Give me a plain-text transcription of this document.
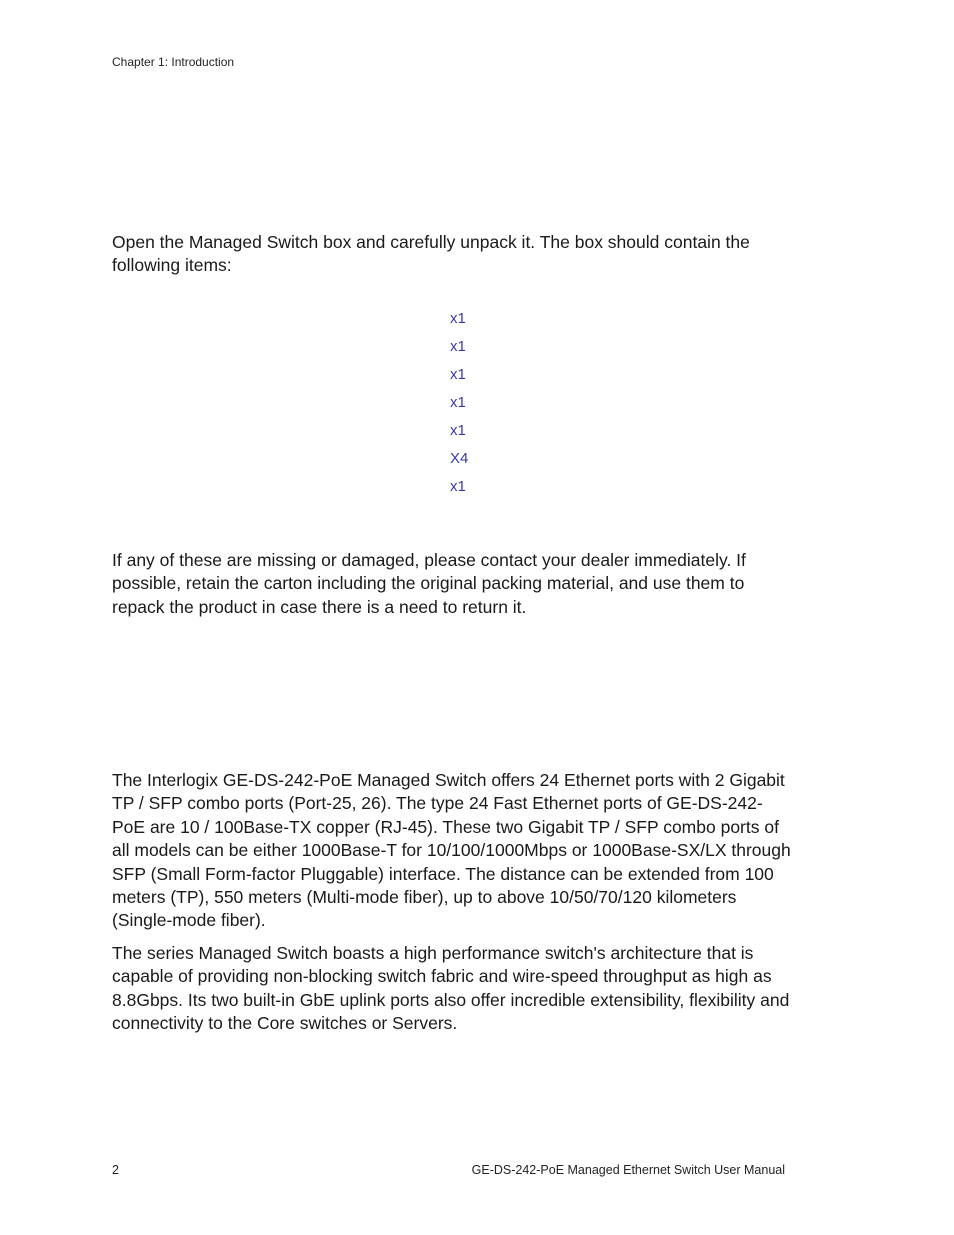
Chapter 1: Introduction

Open the Managed Switch box and carefully unpack it. The box should contain the following items:

x1
x1
x1
x1
x1
X4
x1

If any of these are missing or damaged, please contact your dealer immediately. If possible, retain the carton including the original packing material, and use them to repack the product in case there is a need to return it.

The Interlogix GE-DS-242-PoE Managed Switch offers 24 Ethernet ports with 2 Gigabit TP / SFP combo ports (Port-25, 26). The type 24 Fast Ethernet ports of GE-DS-242-PoE are 10 / 100Base-TX copper (RJ-45). These two Gigabit TP / SFP combo ports of all models can be either 1000Base-T for 10/100/1000Mbps or 1000Base-SX/LX through SFP (Small Form-factor Pluggable) interface. The distance can be extended from 100 meters (TP), 550 meters (Multi-mode fiber), up to above 10/50/70/120 kilometers (Single-mode fiber).

The series Managed Switch boasts a high performance switch's architecture that is capable of providing non-blocking switch fabric and wire-speed throughput as high as 8.8Gbps. Its two built-in GbE uplink ports also offer incredible extensibility, flexibility and connectivity to the Core switches or Servers.

2	GE-DS-242-PoE Managed Ethernet Switch User Manual
